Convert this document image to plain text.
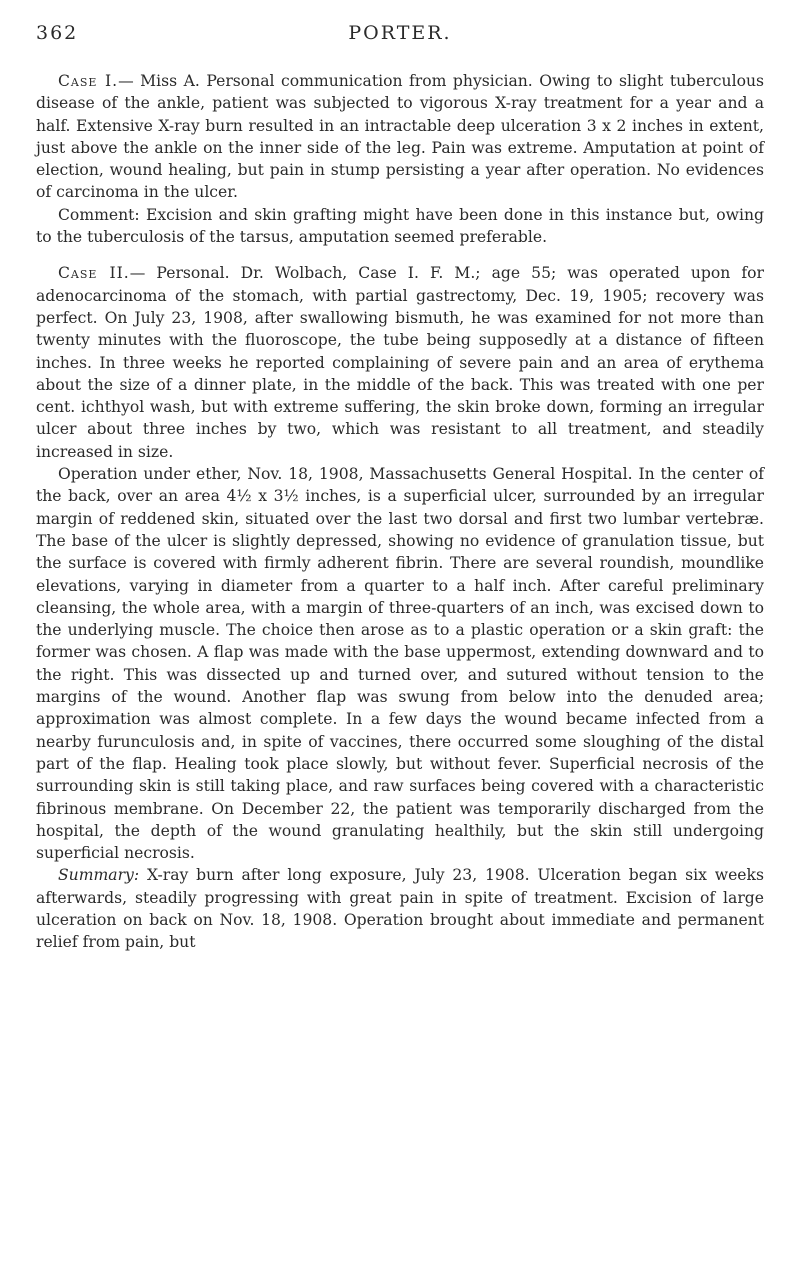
362	PORTER.

Case I.— Miss A. Personal communication from physician. Owing to slight tuberculous disease of the ankle, patient was subjected to vigorous X-ray treatment for a year and a half. Extensive X-ray burn resulted in an intractable deep ulceration 3 x 2 inches in extent, just above the ankle on the inner side of the leg. Pain was extreme. Amputation at point of election, wound healing, but pain in stump persisting a year after operation. No evidences of carcinoma in the ulcer.

Comment: Excision and skin grafting might have been done in this instance but, owing to the tuberculosis of the tarsus, amputation seemed preferable.

Case II.— Personal. Dr. Wolbach, Case I. F. M.; age 55; was operated upon for adenocarcinoma of the stomach, with partial gastrectomy, Dec. 19, 1905; recovery was perfect. On July 23, 1908, after swallowing bismuth, he was examined for not more than twenty minutes with the fluoroscope, the tube being supposedly at a distance of fifteen inches. In three weeks he reported complaining of severe pain and an area of erythema about the size of a dinner plate, in the middle of the back. This was treated with one per cent. ichthyol wash, but with extreme suffering, the skin broke down, forming an irregular ulcer about three inches by two, which was resistant to all treatment, and steadily increased in size.

Operation under ether, Nov. 18, 1908, Massachusetts General Hospital. In the center of the back, over an area 4½ x 3½ inches, is a superficial ulcer, surrounded by an irregular margin of reddened skin, situated over the last two dorsal and first two lumbar vertebræ. The base of the ulcer is slightly depressed, showing no evidence of granulation tissue, but the surface is covered with firmly adherent fibrin. There are several roundish, moundlike elevations, varying in diameter from a quarter to a half inch. After careful preliminary cleansing, the whole area, with a margin of three-quarters of an inch, was excised down to the underlying muscle. The choice then arose as to a plastic operation or a skin graft: the former was chosen. A flap was made with the base uppermost, extending downward and to the right. This was dissected up and turned over, and sutured without tension to the margins of the wound. Another flap was swung from below into the denuded area; approximation was almost complete. In a few days the wound became infected from a nearby furunculosis and, in spite of vaccines, there occurred some sloughing of the distal part of the flap. Healing took place slowly, but without fever. Superficial necrosis of the surrounding skin is still taking place, and raw surfaces being covered with a characteristic fibrinous membrane. On December 22, the patient was temporarily discharged from the hospital, the depth of the wound granulating healthily, but the skin still undergoing superficial necrosis.

Summary: X-ray burn after long exposure, July 23, 1908. Ulceration began six weeks afterwards, steadily progressing with great pain in spite of treatment. Excision of large ulceration on back on Nov. 18, 1908. Operation brought about immediate and permanent relief from pain, but
